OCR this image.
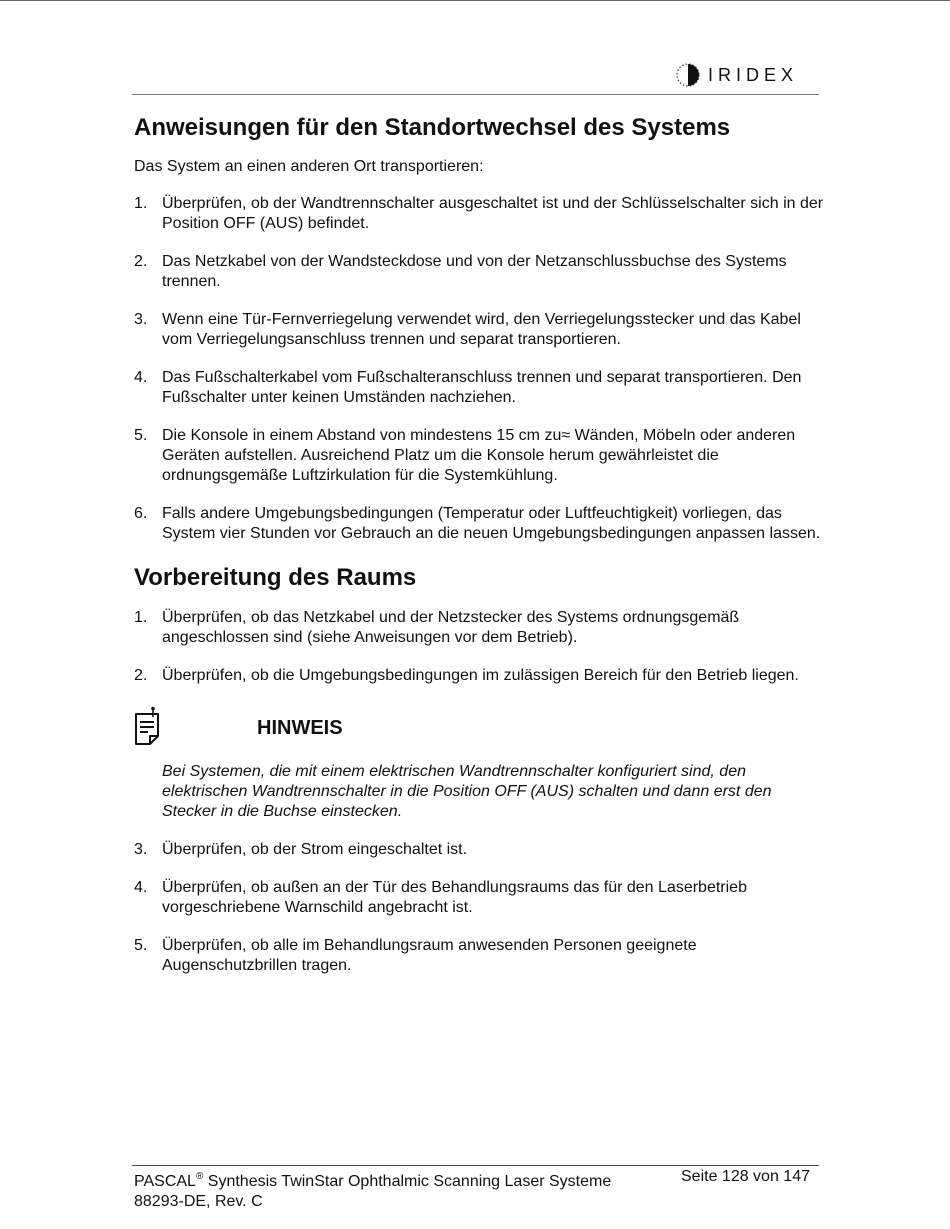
IRIDEX
Anweisungen für den Standortwechsel des Systems

Das System an einen anderen Ort transportieren:

1. Überprüfen, ob der Wandtrennschalter ausgeschaltet ist und der Schlüsselschalter sich in der Position OFF (AUS) befindet.
2. Das Netzkabel von der Wandsteckdose und von der Netzanschlussbuchse des Systems trennen.
3. Wenn eine Tür-Fernverriegelung verwendet wird, den Verriegelungsstecker und das Kabel vom Verriegelungsanschluss trennen und separat transportieren.
4. Das Fußschalterkabel vom Fußschalteranschluss trennen und separat transportieren. Den Fußschalter unter keinen Umständen nachziehen.
5. Die Konsole in einem Abstand von mindestens 15 cm zu≈ Wänden, Möbeln oder anderen Geräten aufstellen. Ausreichend Platz um die Konsole herum gewährleistet die ordnungsgemäße Luftzirkulation für die Systemkühlung.
6. Falls andere Umgebungsbedingungen (Temperatur oder Luftfeuchtigkeit) vorliegen, das System vier Stunden vor Gebrauch an die neuen Umgebungsbedingungen anpassen lassen.
Vorbereitung des Raums
1. Überprüfen, ob das Netzkabel und der Netzstecker des Systems ordnungsgemäß angeschlossen sind (siehe Anweisungen vor dem Betrieb).
2. Überprüfen, ob die Umgebungsbedingungen im zulässigen Bereich für den Betrieb liegen.
HINWEIS
Bei Systemen, die mit einem elektrischen Wandtrennschalter konfiguriert sind, den elektrischen Wandtrennschalter in die Position OFF (AUS) schalten und dann erst den Stecker in die Buchse einstecken.
3. Überprüfen, ob der Strom eingeschaltet ist.
4. Überprüfen, ob außen an der Tür des Behandlungsraums das für den Laserbetrieb vorgeschriebene Warnschild angebracht ist.
5. Überprüfen, ob alle im Behandlungsraum anwesenden Personen geeignete Augenschutzbrillen tragen.
PASCAL® Synthesis TwinStar Ophthalmic Scanning Laser Systeme
88293-DE, Rev. C
Seite 128 von 147
